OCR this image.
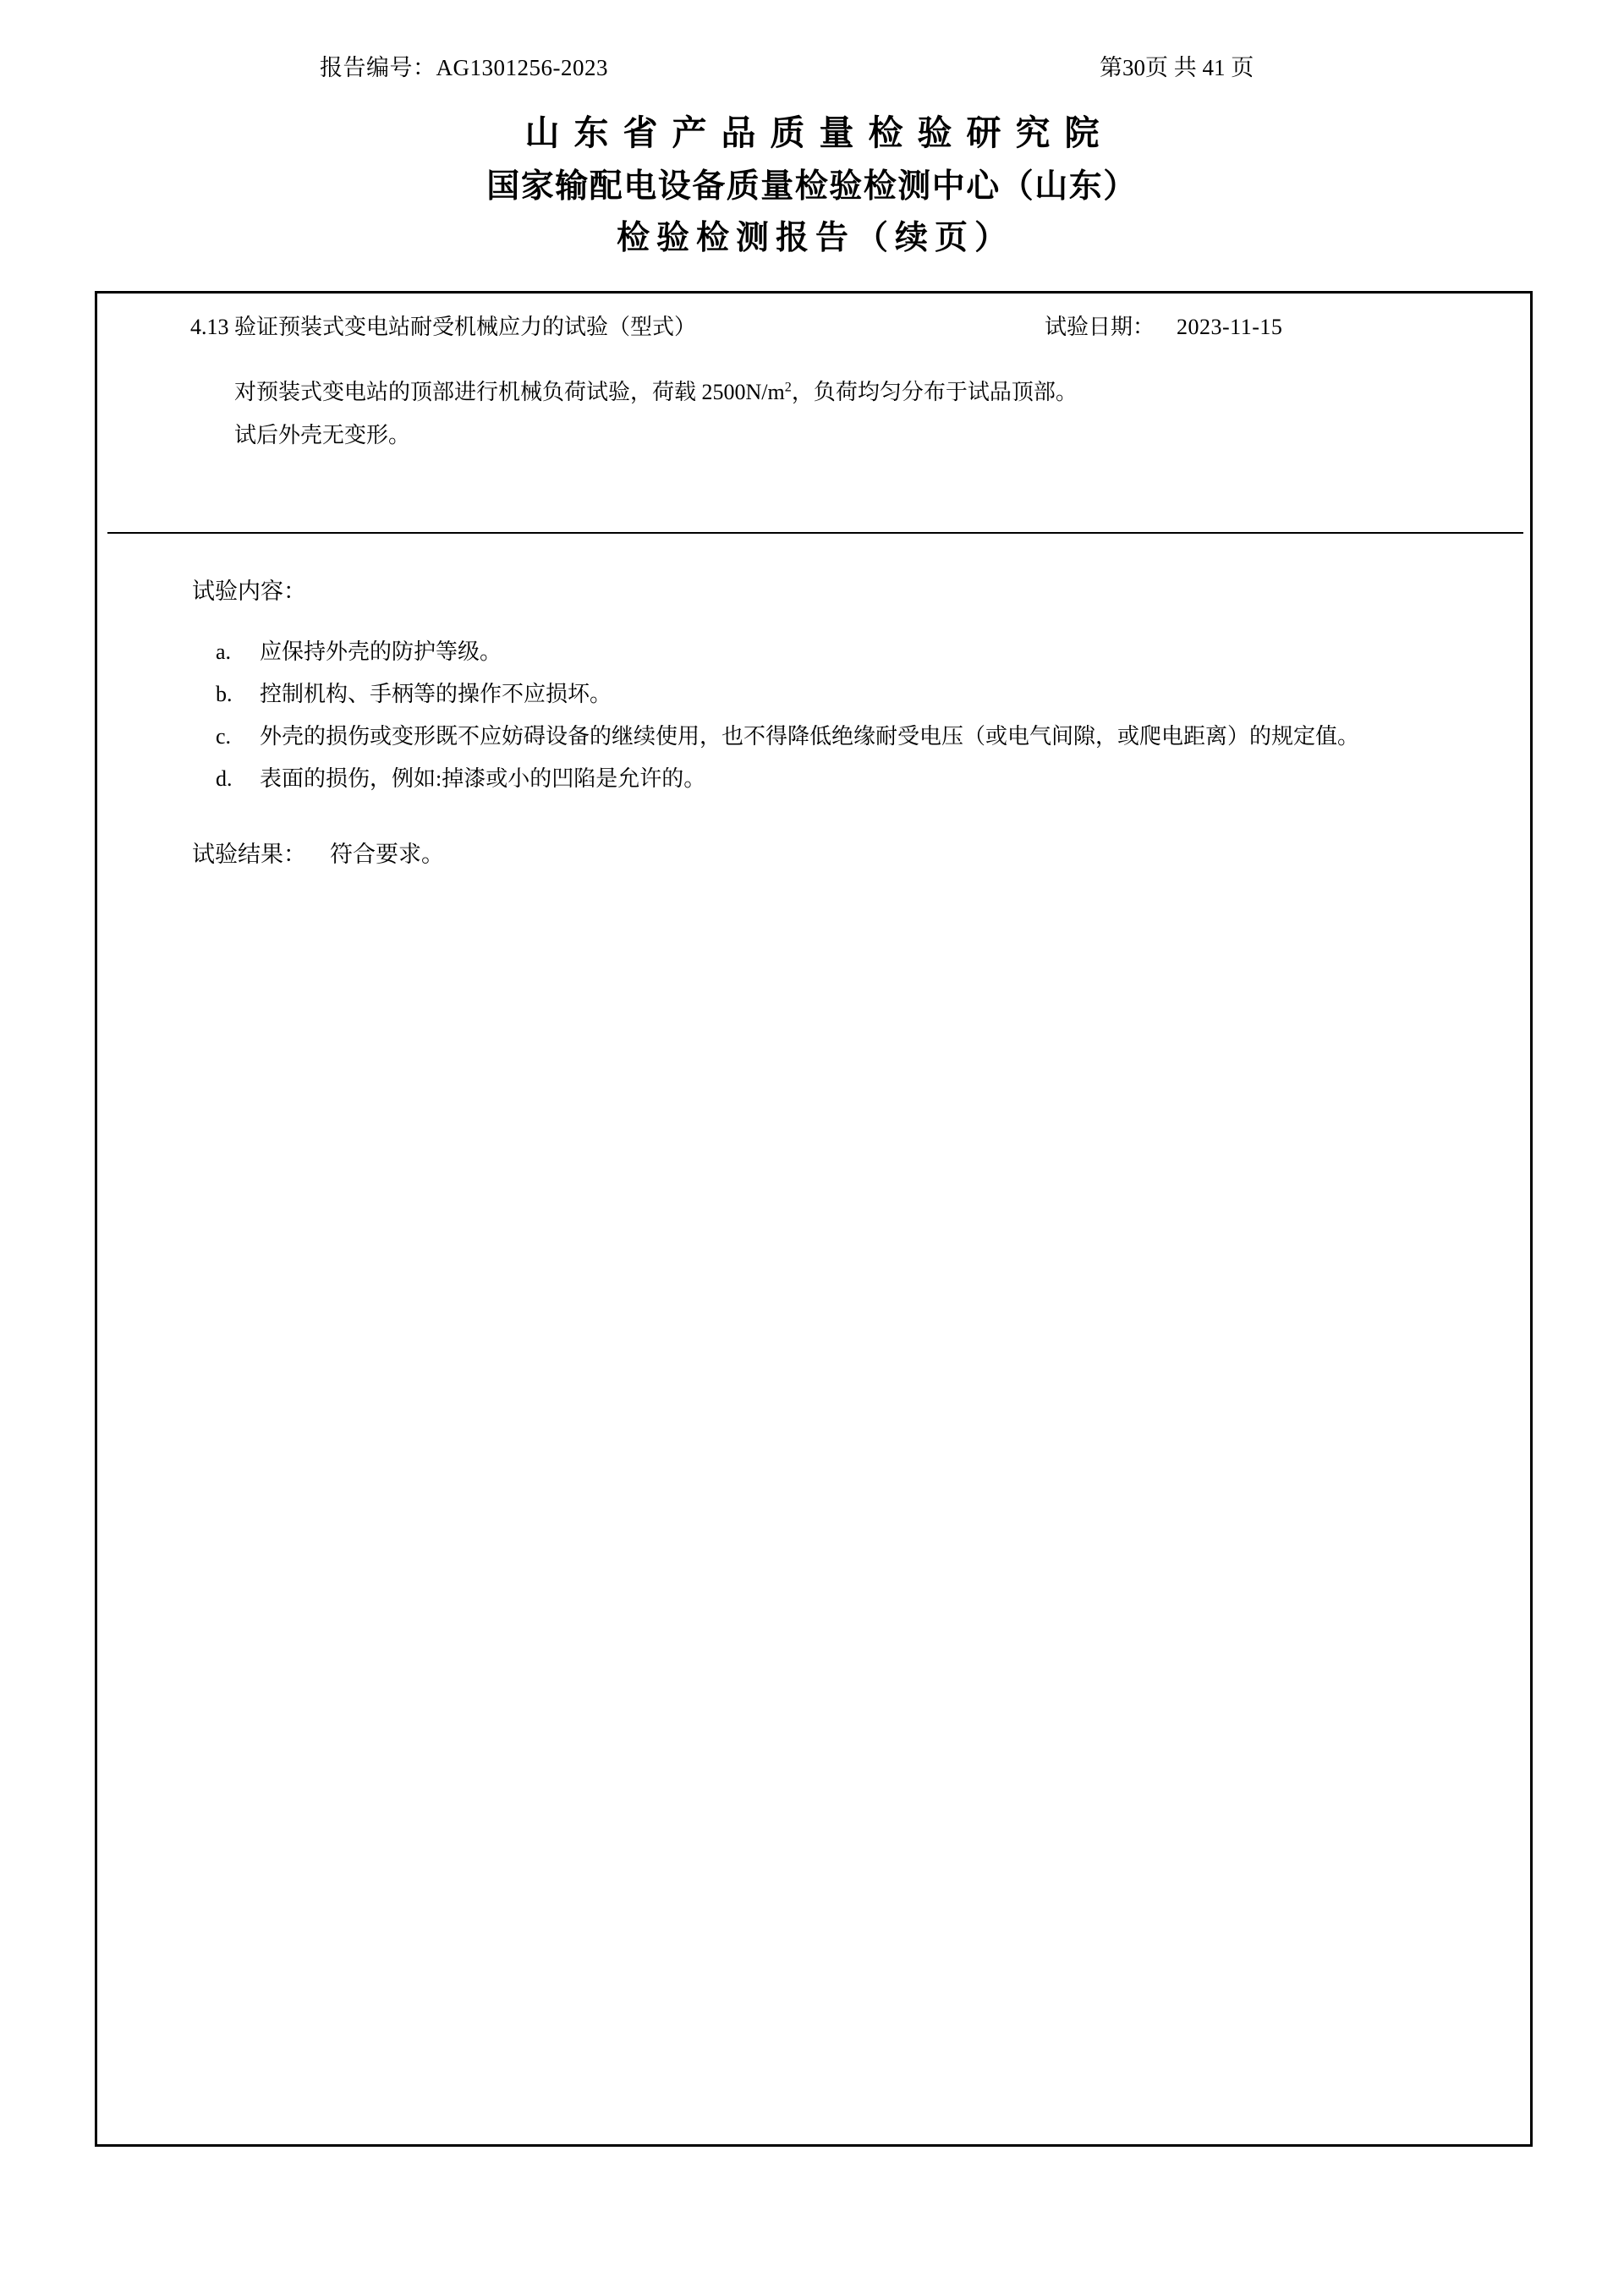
报告编号：AG1301256-2023	第30页 共 41 页
山东省产品质量检验研究院
国家输配电设备质量检验检测中心（山东）
检验检测报告（续页）
4.13 验证预装式变电站耐受机械应力的试验（型式）	试验日期： 2023-11-15

对预装式变电站的顶部进行机械负荷试验，荷载 $2500N/m^2$，负荷均匀分布于试品顶部。

试后外壳无变形。

试验内容：
a. 应保持外壳的防护等级。
b. 控制机构、手柄等的操作不应损坏。
c. 外壳的损伤或变形既不应妨碍设备的继续使用，也不得降低绝缘耐受电压（或电气间隙，或爬电距离）的规定值。
d. 表面的损伤，例如:掉漆或小的凹陷是允许的。
试验结果： 符合要求。
